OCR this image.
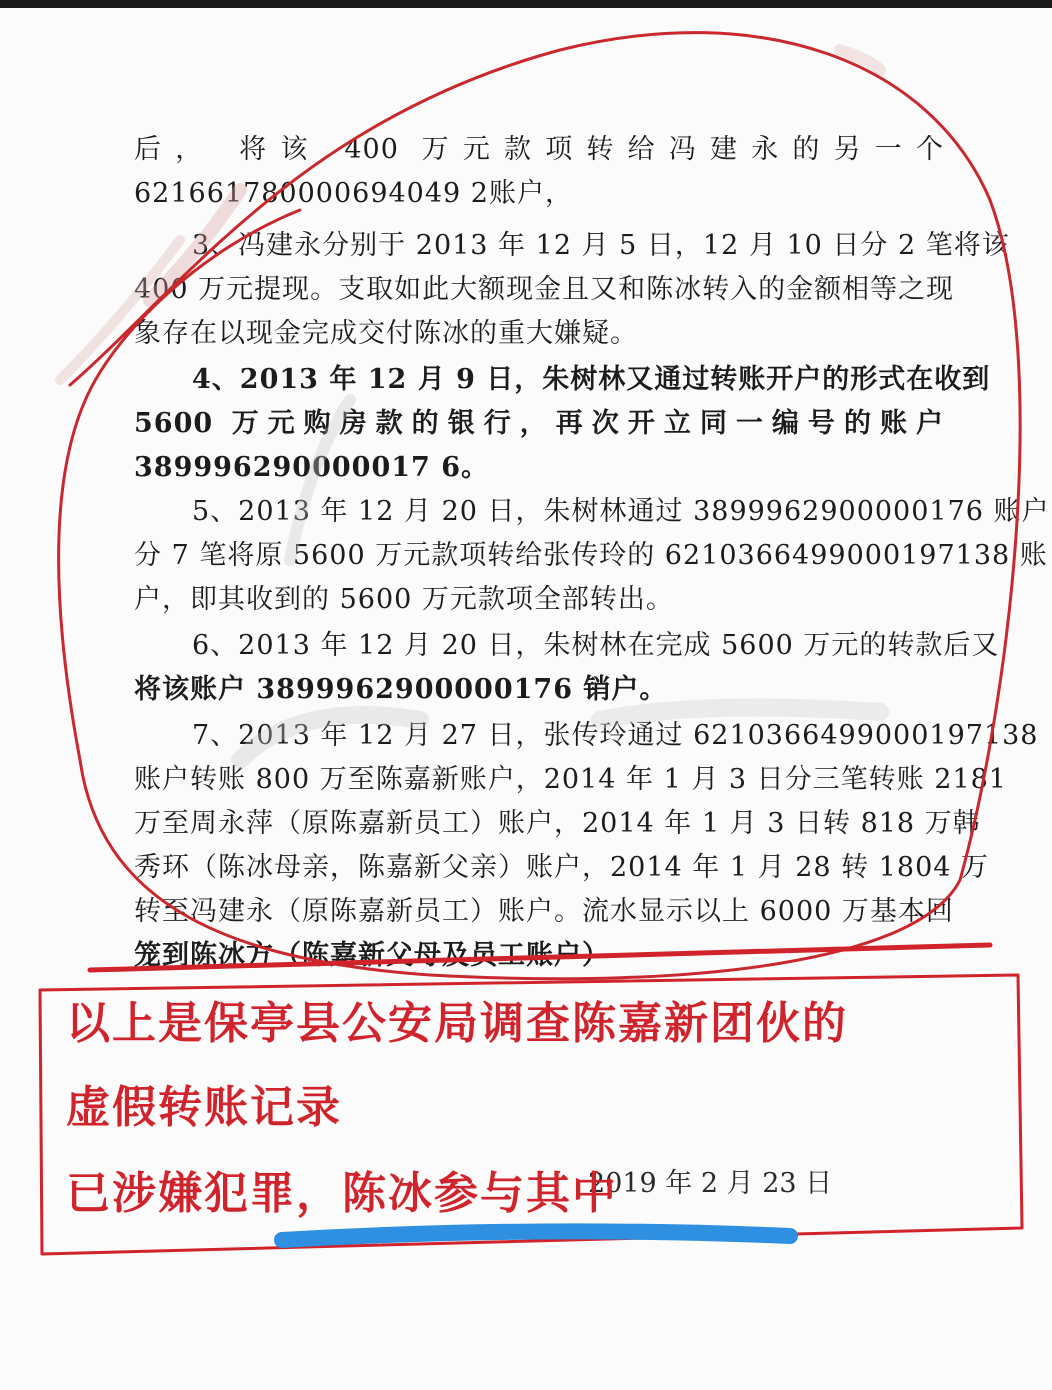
后， 将该 400 万元款项转给冯建永的另一个
621661780000694049 2账户，
3、冯建永分别于 2013 年 12 月 5 日，12 月 10 日分 2 笔将该
400 万元提现。支取如此大额现金且又和陈冰转入的金额相等之现
象存在以现金完成交付陈冰的重大嫌疑。
4、2013 年 12 月 9 日，朱树林又通过转账开户的形式在收到
5600 万元购房款的银行，再次开立同一编号的账户
389996290000017 6。
5、2013 年 12 月 20 日，朱树林通过 3899962900000176 账户
分 7 笔将原 5600 万元款项转给张传玲的 6210366499000197138 账
户，即其收到的 5600 万元款项全部转出。
6、2013 年 12 月 20 日，朱树林在完成 5600 万元的转款后又
将该账户 3899962900000176 销户。
7、2013 年 12 月 27 日，张传玲通过 6210366499000197138
账户转账 800 万至陈嘉新账户，2014 年 1 月 3 日分三笔转账 2181
万至周永萍（原陈嘉新员工）账户，2014 年 1 月 3 日转 818 万韩
秀环（陈冰母亲，陈嘉新父亲）账户，2014 年 1 月 28 转 1804 万
转至冯建永（原陈嘉新员工）账户。流水显示以上 6000 万基本回
笼到陈冰方（陈嘉新父母及员工账户）
2019 年 2 月 23 日
以上是保亭县公安局调查陈嘉新团伙的
虚假转账记录
已涉嫌犯罪，陈冰参与其中
